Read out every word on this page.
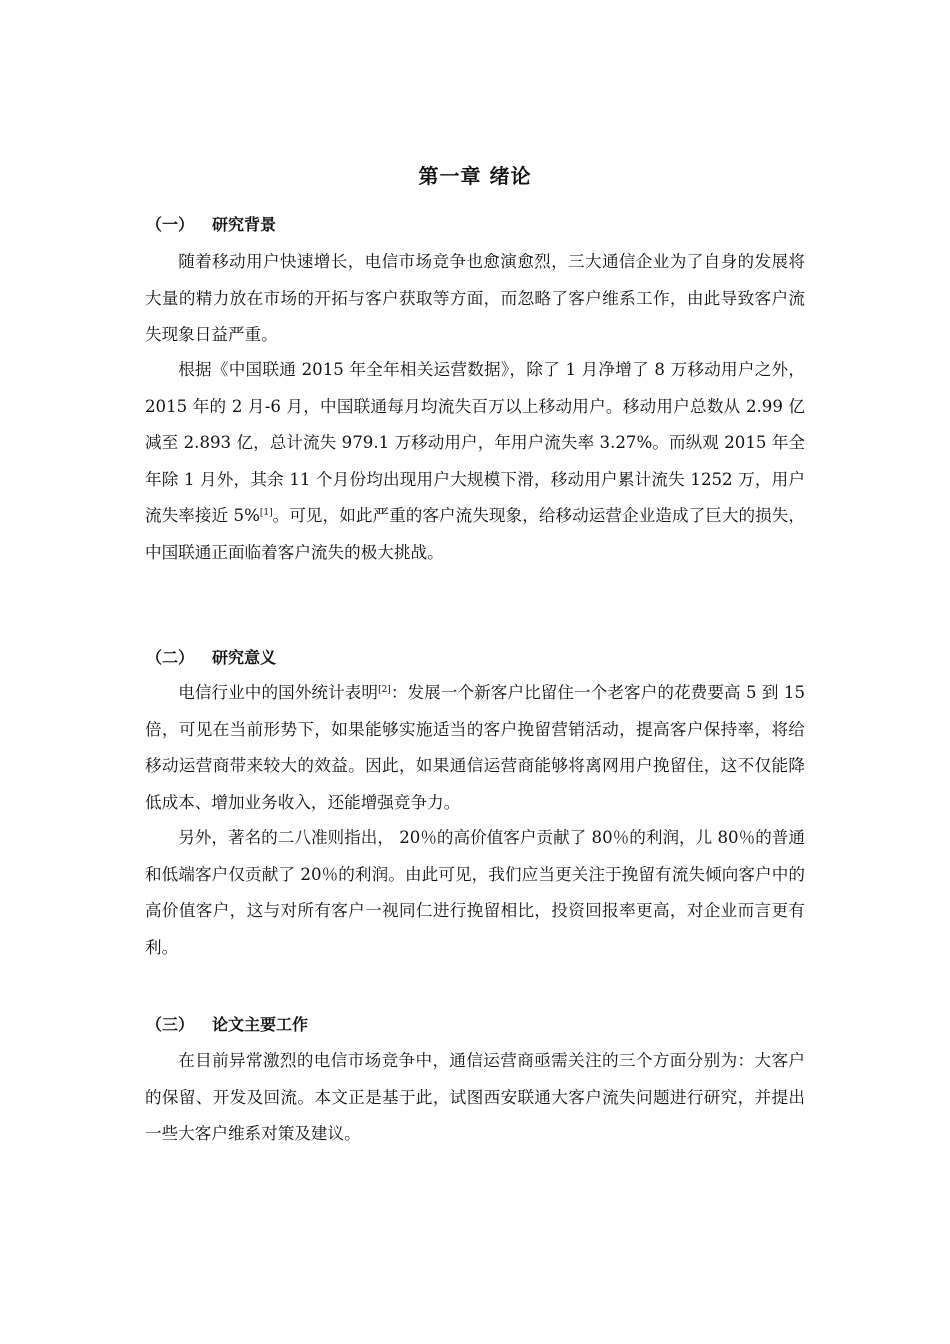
第一章 绪论
（一） 研究背景

随着移动用户快速增长，电信市场竞争也愈演愈烈，三大通信企业为了自身的发展将大量的精力放在市场的开拓与客户获取等方面，而忽略了客户维系工作，由此导致客户流失现象日益严重。

根据《中国联通 2015 年全年相关运营数据》，除了 1 月净增了 8 万移动用户之外，2015 年的 2 月-6 月，中国联通每月均流失百万以上移动用户。移动用户总数从 2.99 亿减至 2.893 亿，总计流失 979.1 万移动用户，年用户流失率 3.27%。而纵观 2015 年全年除 1 月外，其余 11 个月份均出现用户大规模下滑，移动用户累计流失 1252 万，用户流失率接近 5%[1]。可见，如此严重的客户流失现象，给移动运营企业造成了巨大的损失，中国联通正面临着客户流失的极大挑战。

（二） 研究意义

电信行业中的国外统计表明[2]：发展一个新客户比留住一个老客户的花费要高 5 到 15 倍，可见在当前形势下，如果能够实施适当的客户挽留营销活动，提高客户保持率，将给移动运营商带来较大的效益。因此，如果通信运营商能够将离网用户挽留住，这不仅能降低成本、增加业务收入，还能增强竞争力。

另外，著名的二八准则指出， 20％的高价值客户贡献了 80％的利润，儿 80％的普通和低端客户仅贡献了 20％的利润。由此可见，我们应当更关注于挽留有流失倾向客户中的高价值客户，这与对所有客户一视同仁进行挽留相比，投资回报率更高，对企业而言更有利。

（三） 论文主要工作

在目前异常激烈的电信市场竞争中，通信运营商亟需关注的三个方面分别为：大客户的保留、开发及回流。本文正是基于此，试图西安联通大客户流失问题进行研究，并提出一些大客户维系对策及建议。
